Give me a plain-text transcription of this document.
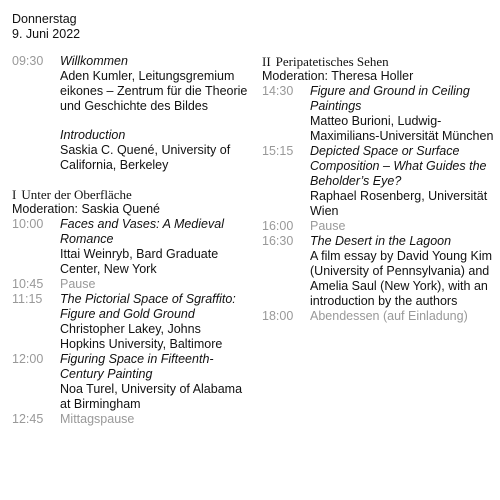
Donnerstag
9. Juni 2022
09:30	Willkommen
Aden Kumler, Leitungsgremium eikones – Zentrum für die Theorie und Geschichte des Bildes
Introduction
Saskia C. Quené, University of California, Berkeley
I Unter der Oberfläche
Moderation: Saskia Quené
10:00	Faces and Vases: A Medieval Romance
Ittai Weinryb, Bard Graduate Center, New York
10:45	Pause
11:15	The Pictorial Space of Sgraffito: Figure and Gold Ground
Christopher Lakey, Johns Hopkins University, Baltimore
12:00	Figuring Space in Fifteenth-Century Painting
Noa Turel, University of Alabama at Birmingham
12:45	Mittagspause
II Peripatetisches Sehen
Moderation: Theresa Holler
14:30	Figure and Ground in Ceiling Paintings
Matteo Burioni, Ludwig-Maximilians-Universität München
15:15	Depicted Space or Surface Composition – What Guides the Beholder’s Eye?
Raphael Rosenberg, Universität Wien
16:00	Pause
16:30	The Desert in the Lagoon
A film essay by David Young Kim (University of Pennsylvania) and Amelia Saul (New York), with an introduction by the authors
18:00	Abendessen (auf Einladung)
